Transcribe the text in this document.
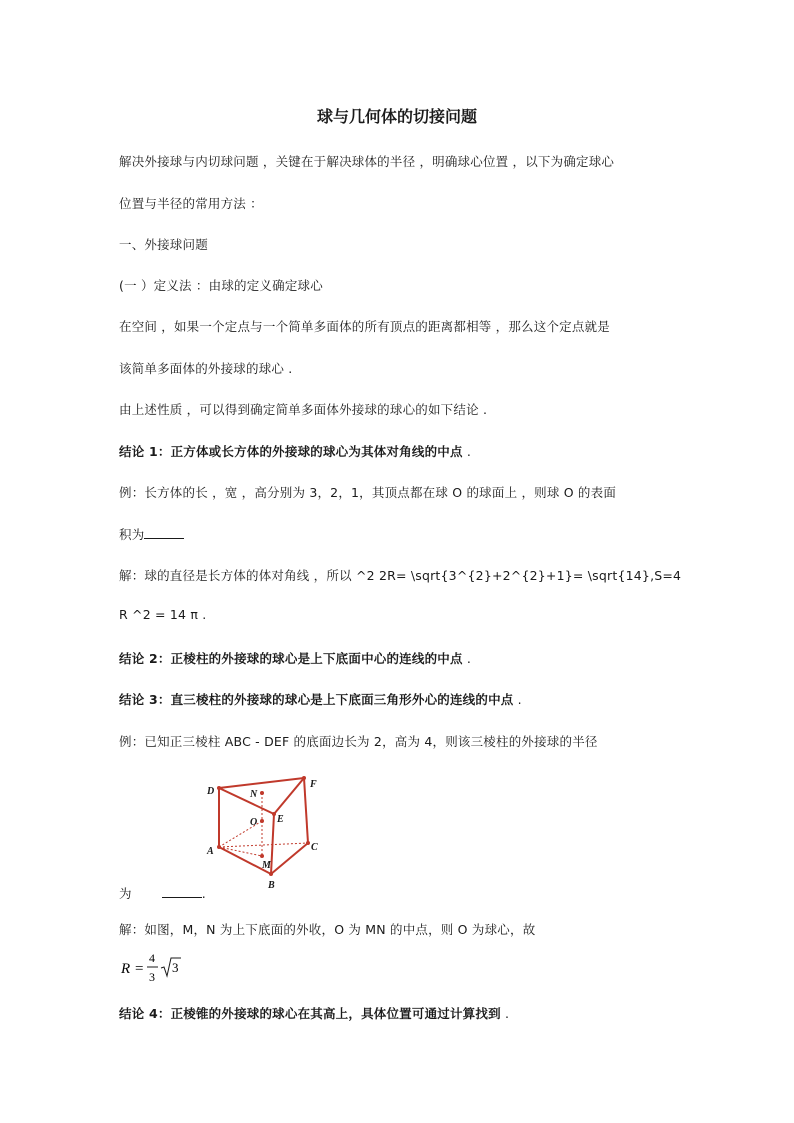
球与几何体的切接问题
解决外接球与内切球问题 ，关键在于解决球体的半径 ，明确球心位置 ，以下为确定球心
位置与半径的常用方法 ：
一、外接球问题
(一 ）定义法 ：由球的定义确定球心
在空间 ，如果一个定点与一个简单多面体的所有顶点的距离都相等 ，那么这个定点就是
该简单多面体的外接球的球心 .
由上述性质 ，可以得到确定简单多面体外接球的球心的如下结论 .
结论 1：正方体或长方体的外接球的球心为其体对角线的中点 .
例：长方体的长 ，宽 ，高分别为 3，2，1，其顶点都在球 O 的球面上 ，则球 O 的表面
积为
解：球的直径是长方体的体对角线 ，所以 ^2 2R= \sqrt{3^{2}+2^{2}+1}= \sqrt{14},S=4
R ^2 = 14 π .
结论 2：正棱柱的外接球的球心是上下底面中心的连线的中点 .
结论 3：直三棱柱的外接球的球心是上下底面三角形外心的连线的中点 .
例：已知正三棱柱 ABC - DEF 的底面边长为 2，高为 4，则该三棱柱的外接球的半径
D
F
E
N
O
M
A
B
C
为	.
解：如图，M，N 为上下底面的外收，O 为 MN 的中点，则 O 为球心，故
R =
4
3
3
结论 4：正棱锥的外接球的球心在其高上，具体位置可通过计算找到 .
